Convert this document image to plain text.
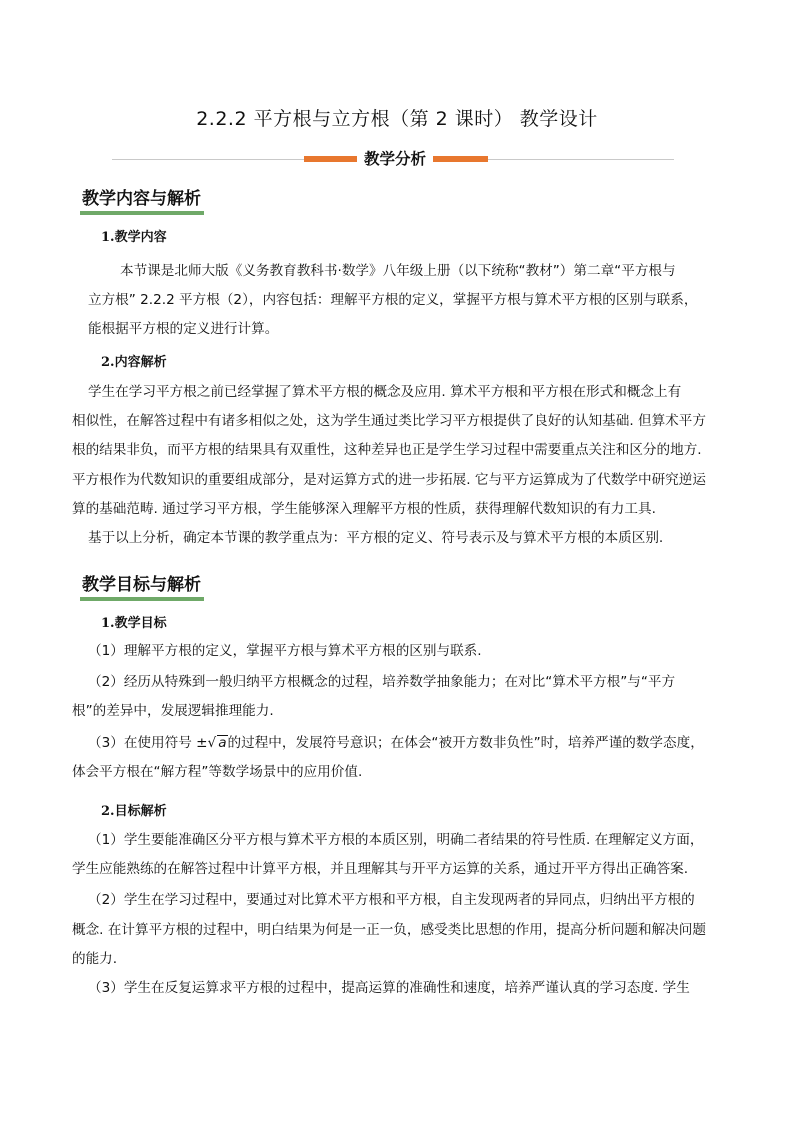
2.2.2 平方根与立方根（第 2 课时） 教学设计
教学分析
教学内容与解析
1.教学内容
本节课是北师大版《义务教育教科书·数学》八年级上册（以下统称“教材”）第二章“平方根与
立方根” 2.2.2 平方根（2），内容包括：理解平方根的定义，掌握平方根与算术平方根的区别与联系，
能根据平方根的定义进行计算。
2.内容解析
学生在学习平方根之前已经掌握了算术平方根的概念及应用. 算术平方根和平方根在形式和概念上有
相似性，在解答过程中有诸多相似之处，这为学生通过类比学习平方根提供了良好的认知基础. 但算术平方
根的结果非负，而平方根的结果具有双重性，这种差异也正是学生学习过程中需要重点关注和区分的地方.
平方根作为代数知识的重要组成部分，是对运算方式的进一步拓展. 它与平方运算成为了代数学中研究逆运
算的基础范畴. 通过学习平方根，学生能够深入理解平方根的性质，获得理解代数知识的有力工具.
基于以上分析，确定本节课的教学重点为：平方根的定义、符号表示及与算术平方根的本质区别.
教学目标与解析
1.教学目标
（1）理解平方根的定义，掌握平方根与算术平方根的区别与联系.
（2）经历从特殊到一般归纳平方根概念的过程，培养数学抽象能力；在对比“算术平方根”与“平方
根”的差异中，发展逻辑推理能力.
（3）在使用符号 ±√ a的过程中，发展符号意识；在体会“被开方数非负性”时，培养严谨的数学态度，
体会平方根在“解方程”等数学场景中的应用价值.
2.目标解析
（1）学生要能准确区分平方根与算术平方根的本质区别，明确二者结果的符号性质. 在理解定义方面，
学生应能熟练的在解答过程中计算平方根，并且理解其与开平方运算的关系，通过开平方得出正确答案.
（2）学生在学习过程中，要通过对比算术平方根和平方根，自主发现两者的异同点，归纳出平方根的
概念. 在计算平方根的过程中，明白结果为何是一正一负，感受类比思想的作用，提高分析问题和解决问题
的能力.
（3）学生在反复运算求平方根的过程中，提高运算的准确性和速度，培养严谨认真的学习态度. 学生
